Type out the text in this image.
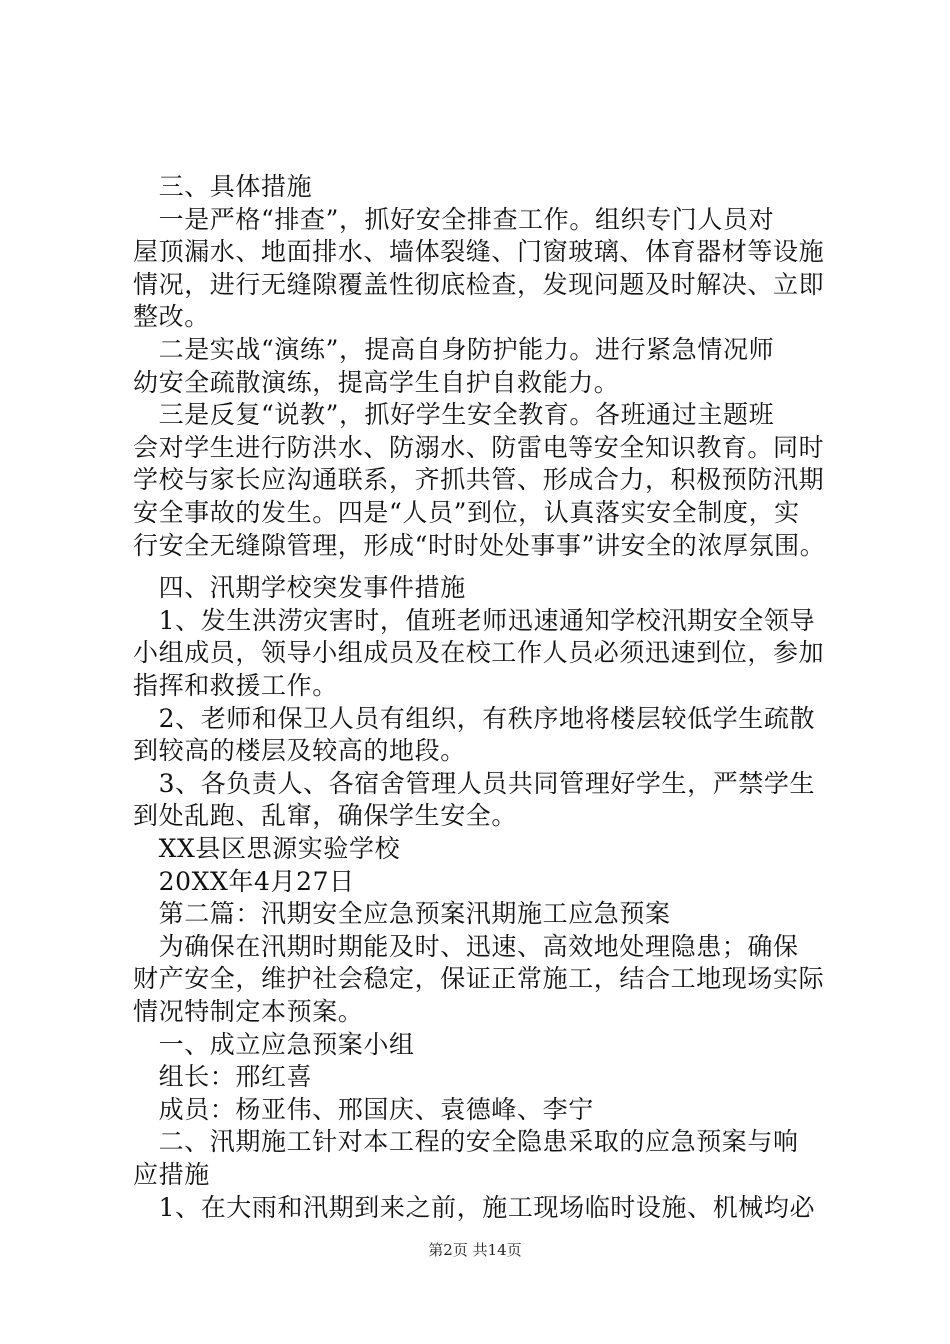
　三、具体措施
　一是严格“排查”，抓好安全排查工作。组织专门人员对
屋顶漏水、地面排水、墙体裂缝、门窗玻璃、体育器材等设施
情况，进行无缝隙覆盖性彻底检查，发现问题及时解决、立即
整改。
　二是实战“演练”，提高自身防护能力。进行紧急情况师
幼安全疏散演练，提高学生自护自救能力。
　三是反复“说教”，抓好学生安全教育。各班通过主题班
会对学生进行防洪水、防溺水、防雷电等安全知识教育。同时
学校与家长应沟通联系，齐抓共管、形成合力，积极预防汛期
安全事故的发生。四是“人员”到位，认真落实安全制度，实
行安全无缝隙管理，形成“时时处处事事”讲安全的浓厚氛围。
　四、汛期学校突发事件措施
　1、发生洪涝灾害时，值班老师迅速通知学校汛期安全领导
小组成员，领导小组成员及在校工作人员必须迅速到位，参加
指挥和救援工作。
　2、老师和保卫人员有组织，有秩序地将楼层较低学生疏散
到较高的楼层及较高的地段。
　3、各负责人、各宿舍管理人员共同管理好学生，严禁学生
到处乱跑、乱窜，确保学生安全。
　XX县区思源实验学校
　20XX年4月27日
　第二篇：汛期安全应急预案汛期施工应急预案
　为确保在汛期时期能及时、迅速、高效地处理隐患；确保
财产安全，维护社会稳定，保证正常施工，结合工地现场实际
情况特制定本预案。
　一、成立应急预案小组
　组长：邢红喜
　成员：杨亚伟、邢国庆、袁德峰、李宁
　二、汛期施工针对本工程的安全隐患采取的应急预案与响
应措施
　1、在大雨和汛期到来之前，施工现场临时设施、机械均必
第2页 共14页
